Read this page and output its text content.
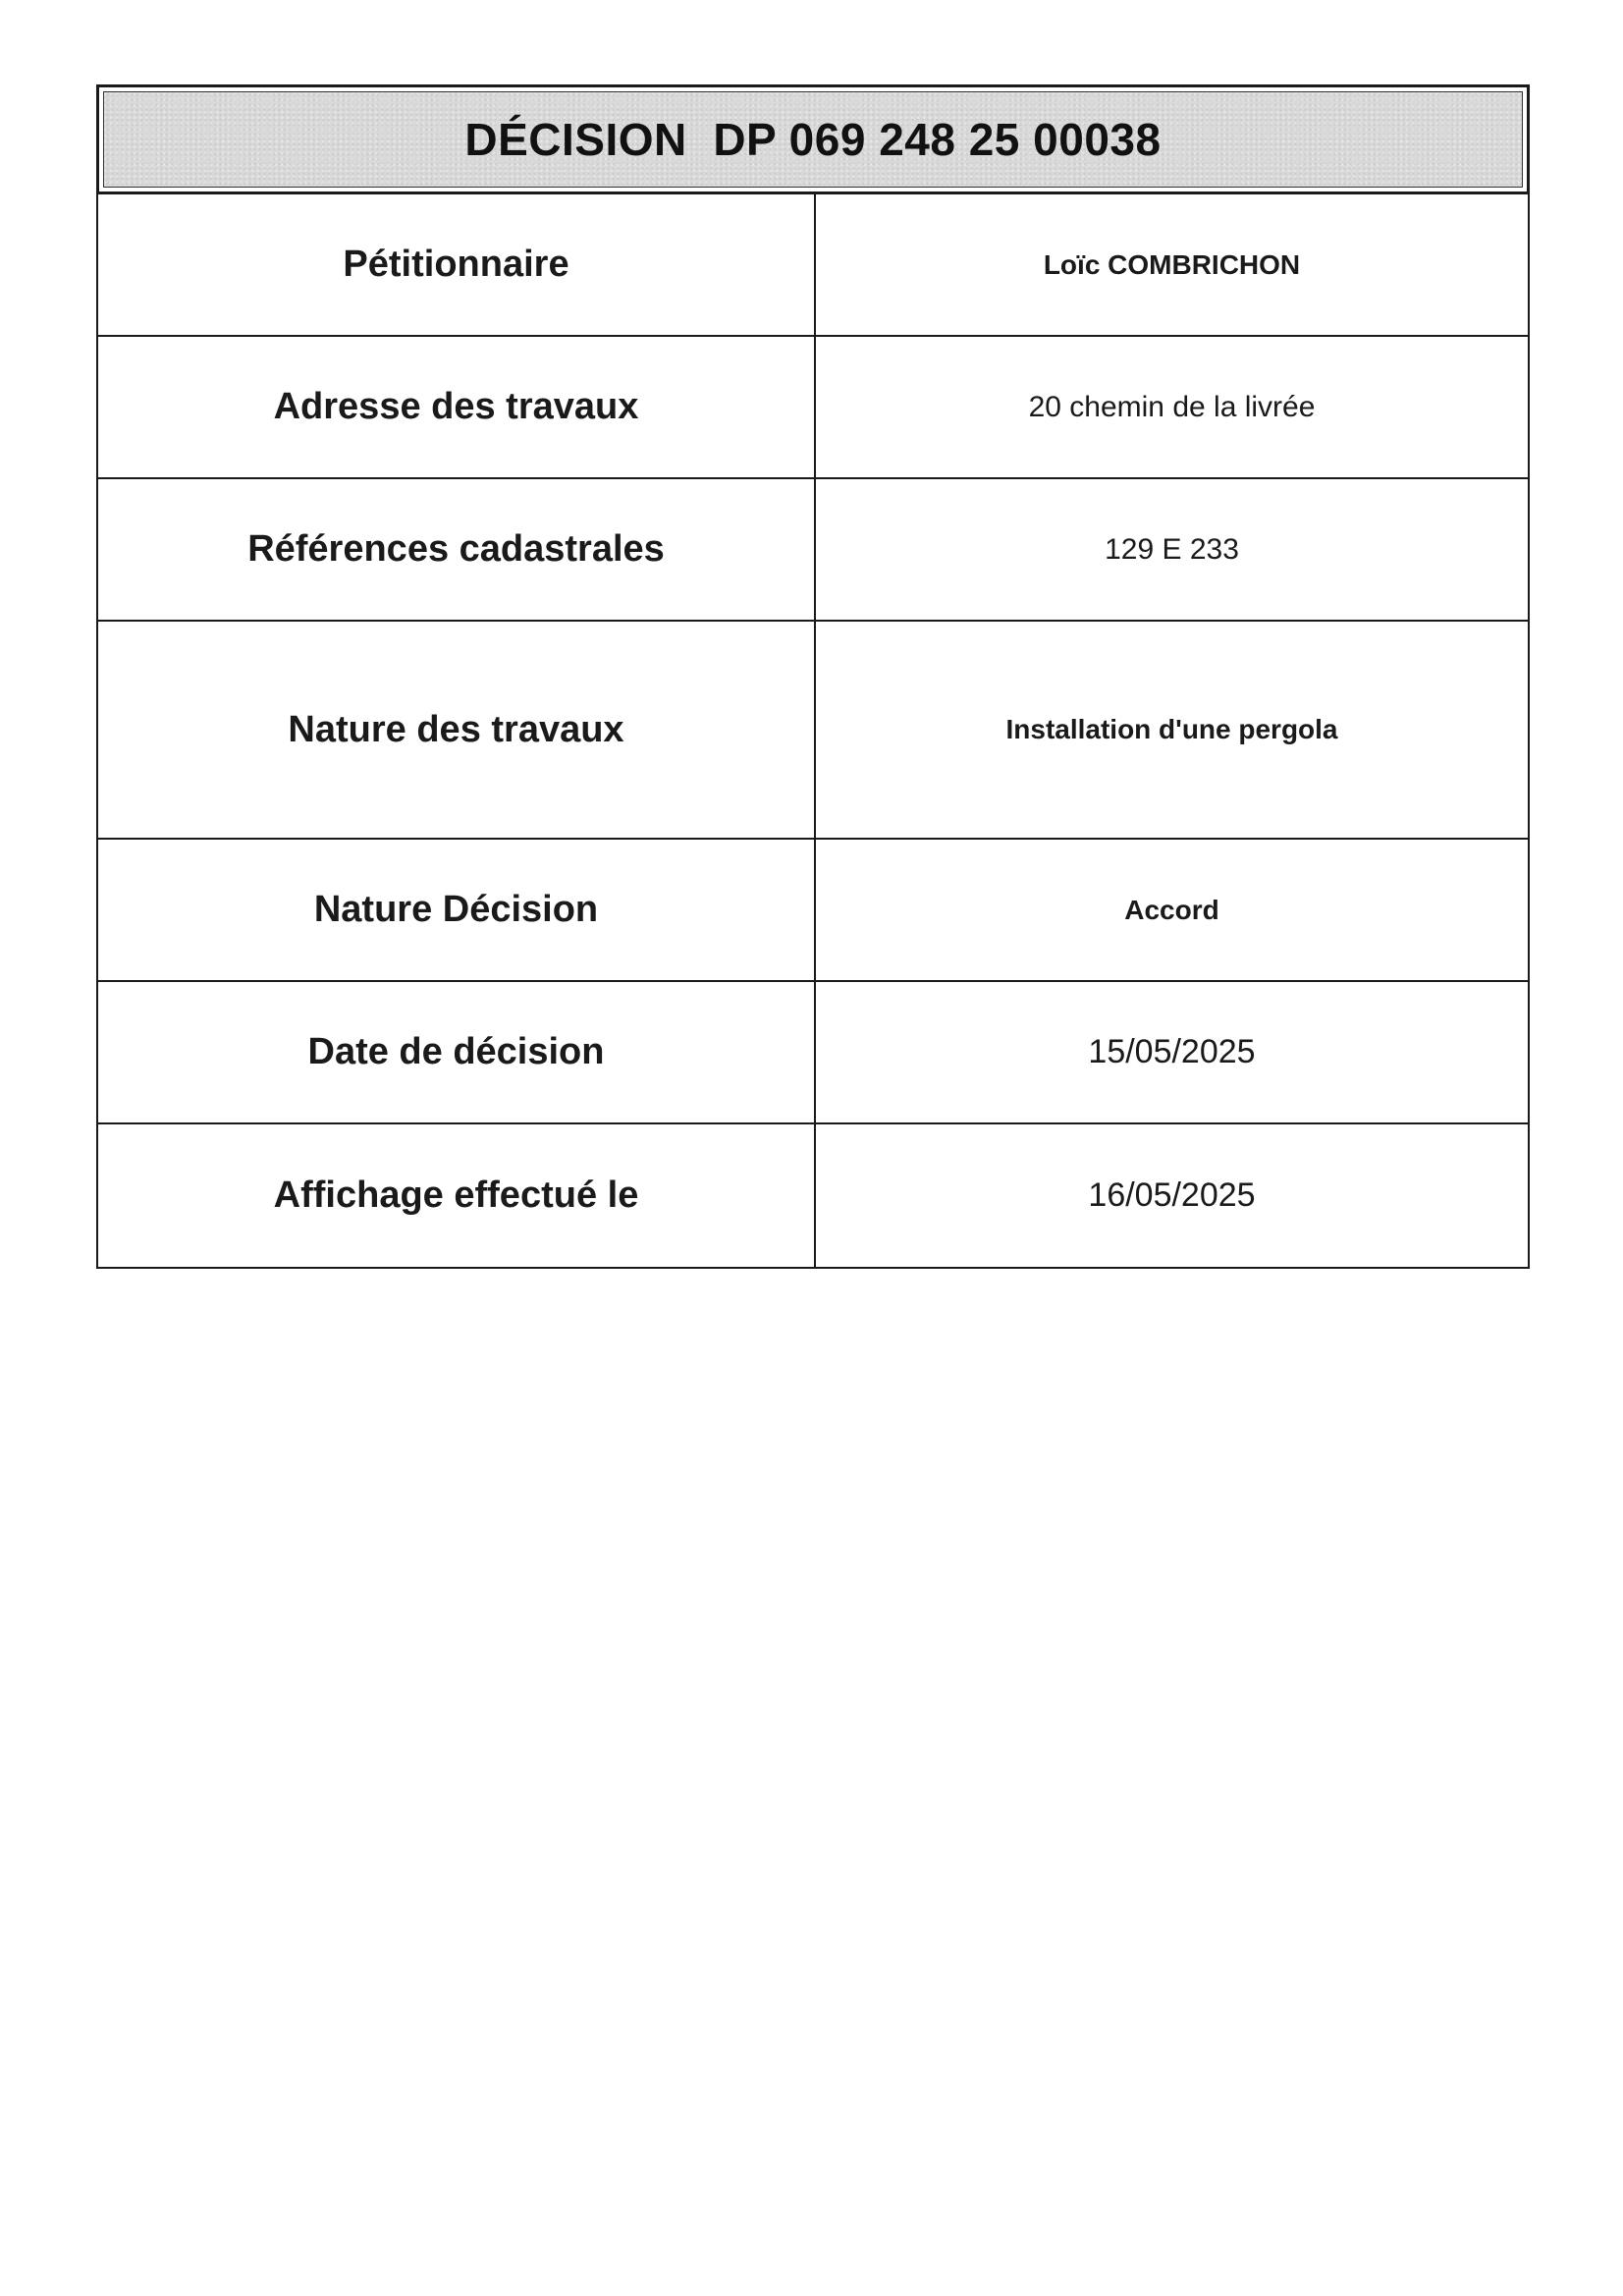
DÉCISION  DP 069 248 25 00038
Pétitionnaire	Loïc COMBRICHON
Adresse des travaux	20 chemin de la livrée
Références cadastrales	129 E 233
Nature des travaux	Installation d'une pergola
Nature Décision	Accord
Date de décision	15/05/2025
Affichage effectué le	16/05/2025
